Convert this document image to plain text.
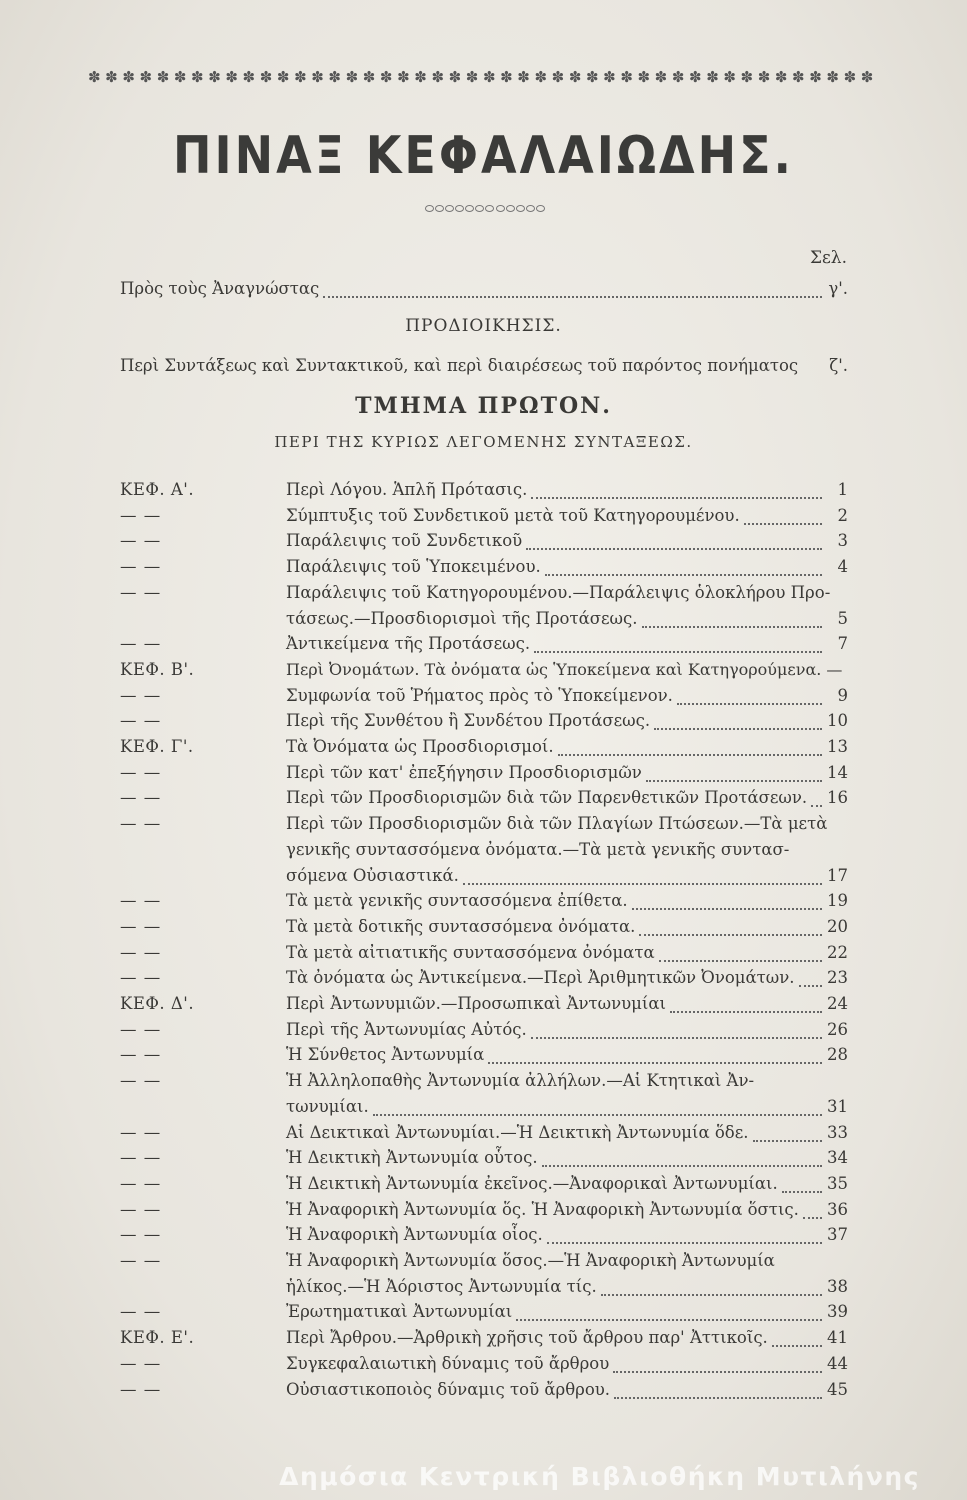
✽ ✽ ✽ ✽ ✽ ✽ ✽ ✽ ✽ ✽ ✽ ✽ ✽ ✽ ✽ ✽ ✽ ✽ ✽ ✽ ✽ ✽ ✽ ✽ ✽ ✽ ✽ ✽ ✽ ✽ ✽ ✽ ✽ ✽ ✽ ✽ ✽ ✽ ✽ ✽ ✽ ✽ ✽ ✽ ✽ ✽
ΠΙΝΑΞ ΚΕΦΑΛΑΙΩΔΗΣ.
Σελ.
Πρὸς τοὺς Ἀναγνώστας	γ'.
ΠΡΟΔΙΟΙΚΗΣΙΣ.
Περὶ Συντάξεως καὶ Συντακτικοῦ, καὶ περὶ διαιρέσεως τοῦ παρόντος πονήματος ζ'.
ΤΜΗΜΑ ΠΡΩΤΟΝ.
ΠΕΡΙ ΤΗΣ ΚΥΡΙΩΣ ΛΕΓΟΜΕΝΗΣ ΣΥΝΤΑΞΕΩΣ.
ΚΕΦ. Α'.	Περὶ Λόγου. Ἁπλῆ Πρότασις.	1
— —	Σύμπτυξις τοῦ Συνδετικοῦ μετὰ τοῦ Κατηγορουμένου.	2
— —	Παράλειψις τοῦ Συνδετικοῦ	3
— —	Παράλειψις τοῦ Ὑποκειμένου.	4
— —	Παράλειψις τοῦ Κατηγορουμένου.—Παράλειψις ὁλοκλήρου Προ-
τάσεως.—Προσδιορισμοὶ τῆς Προτάσεως.	5
— —	Ἀντικείμενα τῆς Προτάσεως.	7
ΚΕΦ. Β'.	Περὶ Ὀνομάτων. Τὰ ὀνόματα ὡς Ὑποκείμενα καὶ Κατηγορούμενα. —
— —	Συμφωνία τοῦ Ῥήματος πρὸς τὸ Ὑποκείμενον.	9
— —	Περὶ τῆς Συνθέτου ἢ Συνδέτου Προτάσεως.	10
ΚΕΦ. Γ'.	Τὰ Ὀνόματα ὡς Προσδιορισμοί.	13
— —	Περὶ τῶν κατ' ἐπεξήγησιν Προσδιορισμῶν	14
— —	Περὶ τῶν Προσδιορισμῶν διὰ τῶν Παρενθετικῶν Προτάσεων. 16
— —	Περὶ τῶν Προσδιορισμῶν διὰ τῶν Πλαγίων Πτώσεων.—Τὰ μετὰ
γενικῆς συντασσόμενα ὀνόματα.—Τὰ μετὰ γενικῆς συντασ-
σόμενα Οὐσιαστικά.	17
— —	Τὰ μετὰ γενικῆς συντασσόμενα ἐπίθετα.	19
— —	Τὰ μετὰ δοτικῆς συντασσόμενα ὀνόματα.	20
— —	Τὰ μετὰ αἰτιατικῆς συντασσόμενα ὀνόματα	22
— —	Τὰ ὀνόματα ὡς Ἀντικείμενα.—Περὶ Ἀριθμητικῶν Ὀνομάτων. 23
ΚΕΦ. Δ'.	Περὶ Ἀντωνυμιῶν.—Προσωπικαὶ Ἀντωνυμίαι	24
— —	Περὶ τῆς Ἀντωνυμίας Αὐτός.	26
— —	Ἡ Σύνθετος Ἀντωνυμία	28
— —	Ἡ Ἀλληλοπαθὴς Ἀντωνυμία ἀλλήλων.—Αἱ Κτητικαὶ Ἀν-
τωνυμίαι.	31
— —	Αἱ Δεικτικαὶ Ἀντωνυμίαι.—Ἡ Δεικτικὴ Ἀντωνυμία ὅδε.	33
— —	Ἡ Δεικτικὴ Ἀντωνυμία οὗτος.	34
— —	Ἡ Δεικτικὴ Ἀντωνυμία ἐκεῖνος.—Ἀναφορικαὶ Ἀντωνυμίαι.	35
— —	Ἡ Ἀναφορικὴ Ἀντωνυμία ὅς. Ἡ Ἀναφορικὴ Ἀντωνυμία ὅστις. 36
— —	Ἡ Ἀναφορικὴ Ἀντωνυμία οἷος.	37
— —	Ἡ Ἀναφορικὴ Ἀντωνυμία ὅσος.—Ἡ Ἀναφορικὴ Ἀντωνυμία
ἡλίκος.—Ἡ Ἀόριστος Ἀντωνυμία τίς.	38
— —	Ἐρωτηματικαὶ Ἀντωνυμίαι	39
ΚΕΦ. Ε'.	Περὶ Ἄρθρου.—Ἀρθρικὴ χρῆσις τοῦ ἄρθρου παρ' Ἀττικοῖς.	41
— —	Συγκεφαλαιωτικὴ δύναμις τοῦ ἄρθρου	44
— —	Οὐσιαστικοποιὸς δύναμις τοῦ ἄρθρου.	45
Δημόσια Κεντρική Βιβλιοθήκη Μυτιλήνης
